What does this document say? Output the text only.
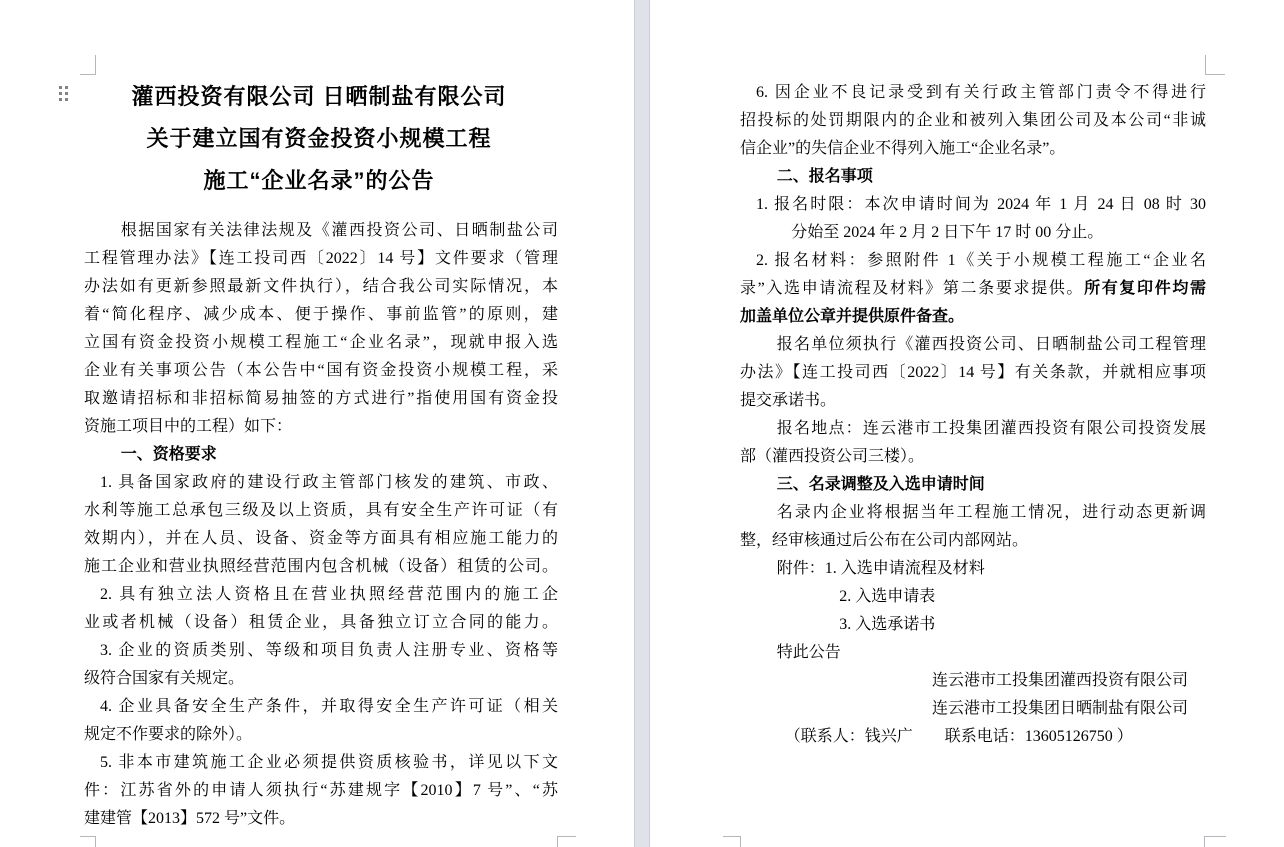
灌西投资有限公司 日晒制盐有限公司
关于建立国有资金投资小规模工程
施工“企业名录”的公告
根据国家有关法律法规及《灌西投资公司、日晒制盐公司
工程管理办法》【连工投司西〔2022〕14 号】文件要求（管理
办法如有更新参照最新文件执行），结合我公司实际情况，本
着“简化程序、减少成本、便于操作、事前监管”的原则，建
立国有资金投资小规模工程施工“企业名录”，现就申报入选
企业有关事项公告（本公告中“国有资金投资小规模工程，采
取邀请招标和非招标简易抽签的方式进行”指使用国有资金投
资施工项目中的工程）如下：
一、资格要求
1. 具备国家政府的建设行政主管部门核发的建筑、市政、
水利等施工总承包三级及以上资质，具有安全生产许可证（有
效期内），并在人员、设备、资金等方面具有相应施工能力的
施工企业和营业执照经营范围内包含机械（设备）租赁的公司。
2. 具有独立法人资格且在营业执照经营范围内的施工企
业或者机械（设备）租赁企业，具备独立订立合同的能力。
3. 企业的资质类别、等级和项目负责人注册专业、资格等
级符合国家有关规定。
4. 企业具备安全生产条件，并取得安全生产许可证（相关
规定不作要求的除外）。
5. 非本市建筑施工企业必须提供资质核验书，详见以下文
件：江苏省外的申请人须执行“苏建规字【2010】7 号”、“苏
建建管【2013】572 号”文件。
6. 因企业不良记录受到有关行政主管部门责令不得进行
招投标的处罚期限内的企业和被列入集团公司及本公司“非诚
信企业”的失信企业不得列入施工“企业名录”。
二、报名事项
1. 报名时限：本次申请时间为 2024 年 1 月 24 日 08 时 30
分始至 2024 年 2 月 2 日下午 17 时 00 分止。
2. 报名材料：参照附件 1《关于小规模工程施工“企业名
录”入选申请流程及材料》第二条要求提供。所有复印件均需
加盖单位公章并提供原件备查。
报名单位须执行《灌西投资公司、日晒制盐公司工程管理
办法》【连工投司西〔2022〕14 号】有关条款，并就相应事项
提交承诺书。
报名地点：连云港市工投集团灌西投资有限公司投资发展
部（灌西投资公司三楼）。
三、名录调整及入选申请时间
名录内企业将根据当年工程施工情况，进行动态更新调
整，经审核通过后公布在公司内部网站。
附件：1. 入选申请流程及材料
2. 入选申请表
3. 入选承诺书
特此公告
连云港市工投集团灌西投资有限公司
连云港市工投集团日晒制盐有限公司
（联系人：钱兴广　　联系电话：13605126750 ）
